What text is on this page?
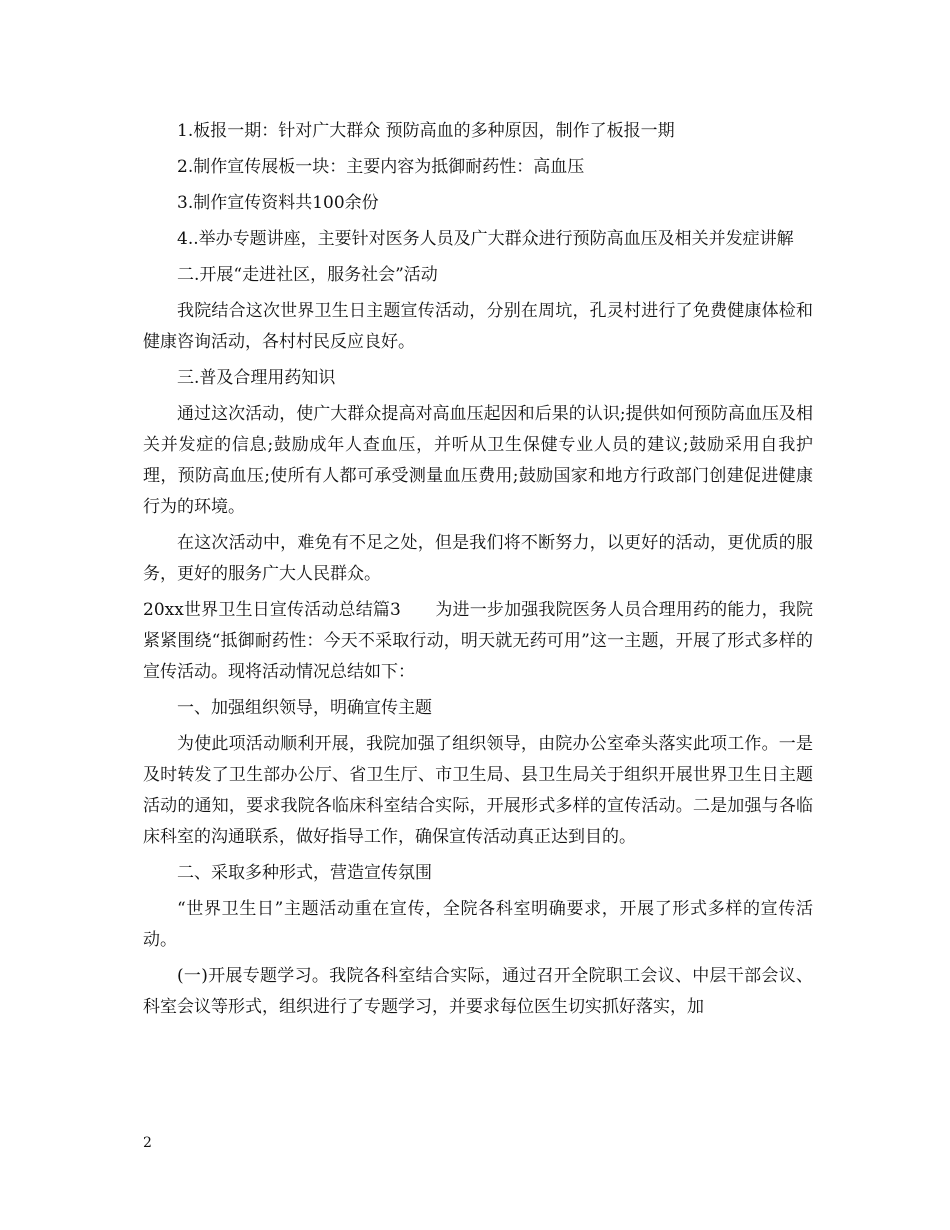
1.板报一期：针对广大群众 预防高血的多种原因，制作了板报一期

2.制作宣传展板一块：主要内容为抵御耐药性：高血压

3.制作宣传资料共100余份

4..举办专题讲座，主要针对医务人员及广大群众进行预防高血压及相关并发症讲解

二.开展“走进社区，服务社会”活动

我院结合这次世界卫生日主题宣传活动，分别在周坑，孔灵村进行了免费健康体检和健康咨询活动，各村村民反应良好。

三.普及合理用药知识

通过这次活动，使广大群众提高对高血压起因和后果的认识;提供如何预防高血压及相关并发症的信息;鼓励成年人查血压，并听从卫生保健专业人员的建议;鼓励采用自我护理，预防高血压;使所有人都可承受测量血压费用;鼓励国家和地方行政部门创建促进健康行为的环境。

在这次活动中，难免有不足之处，但是我们将不断努力，以更好的活动，更优质的服务，更好的服务广大人民群众。

20xx世界卫生日宣传活动总结篇3　　为进一步加强我院医务人员合理用药的能力，我院紧紧围绕“抵御耐药性：今天不采取行动，明天就无药可用”这一主题，开展了形式多样的宣传活动。现将活动情况总结如下：

一、加强组织领导，明确宣传主题

为使此项活动顺利开展，我院加强了组织领导，由院办公室牵头落实此项工作。一是及时转发了卫生部办公厅、省卫生厅、市卫生局、县卫生局关于组织开展世界卫生日主题活动的通知，要求我院各临床科室结合实际，开展形式多样的宣传活动。二是加强与各临床科室的沟通联系，做好指导工作，确保宣传活动真正达到目的。

二、采取多种形式，营造宣传氛围

“世界卫生日”主题活动重在宣传，全院各科室明确要求，开展了形式多样的宣传活动。

(一)开展专题学习。我院各科室结合实际，通过召开全院职工会议、中层干部会议、科室会议等形式，组织进行了专题学习，并要求每位医生切实抓好落实，加

2
